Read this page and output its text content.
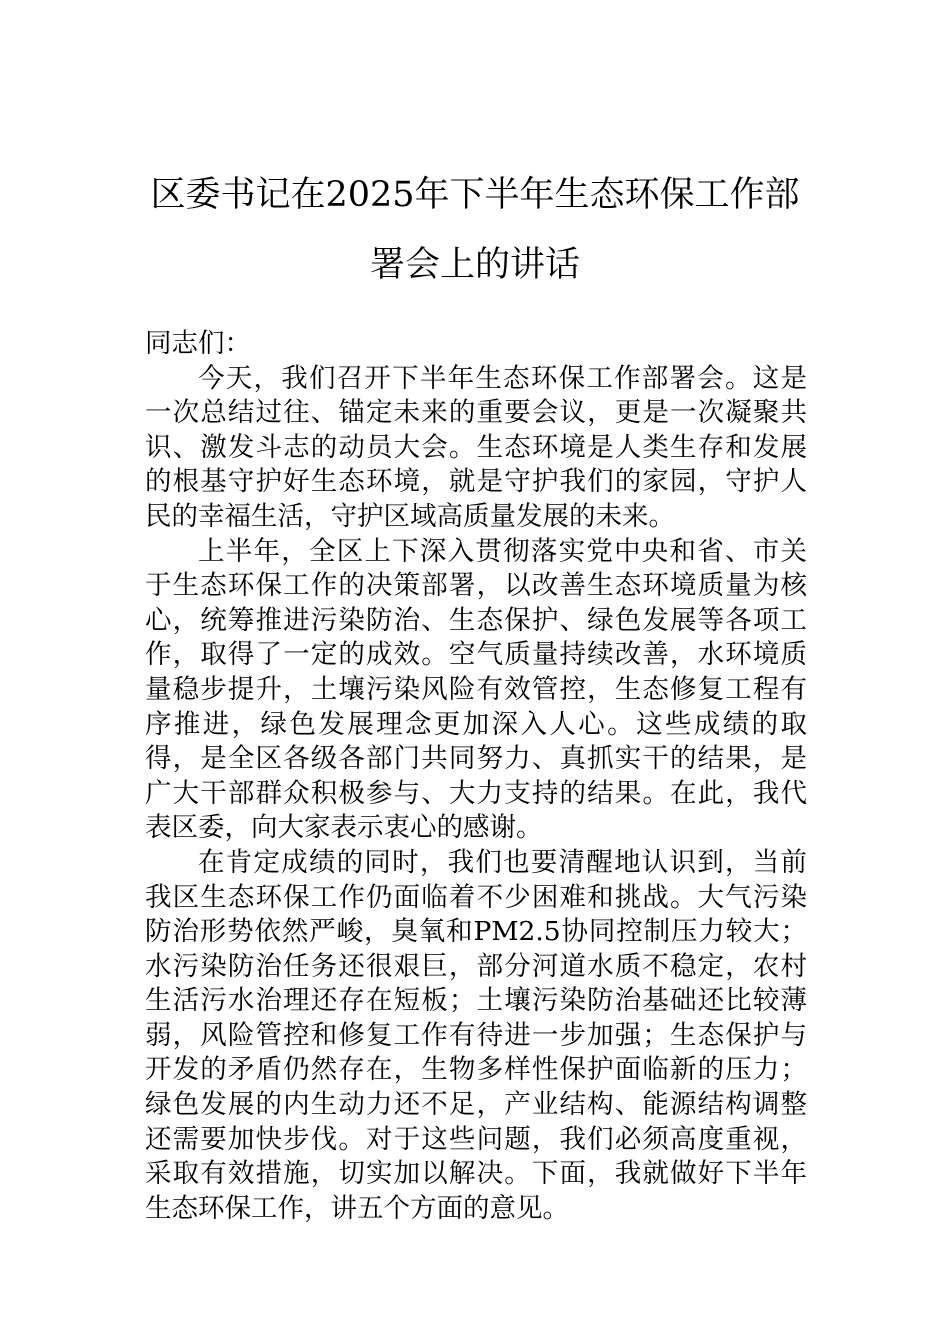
区委书记在2025年下半年生态环保工作部
署会上的讲话

同志们：

今天，我们召开下半年生态环保工作部署会。这是一次总结过往、锚定未来的重要会议，更是一次凝聚共识、激发斗志的动员大会。生态环境是人类生存和发展的根基守护好生态环境，就是守护我们的家园，守护人民的幸福生活，守护区域高质量发展的未来。

上半年，全区上下深入贯彻落实党中央和省、市关于生态环保工作的决策部署，以改善生态环境质量为核心，统筹推进污染防治、生态保护、绿色发展等各项工作，取得了一定的成效。空气质量持续改善，水环境质量稳步提升，土壤污染风险有效管控，生态修复工程有序推进，绿色发展理念更加深入人心。这些成绩的取得，是全区各级各部门共同努力、真抓实干的结果，是广大干部群众积极参与、大力支持的结果。在此，我代表区委，向大家表示衷心的感谢。

在肯定成绩的同时，我们也要清醒地认识到，当前我区生态环保工作仍面临着不少困难和挑战。大气污染防治形势依然严峻，臭氧和PM2.5协同控制压力较大；水污染防治任务还很艰巨，部分河道水质不稳定，农村生活污水治理还存在短板；土壤污染防治基础还比较薄弱，风险管控和修复工作有待进一步加强；生态保护与开发的矛盾仍然存在，生物多样性保护面临新的压力；绿色发展的内生动力还不足，产业结构、能源结构调整还需要加快步伐。对于这些问题，我们必须高度重视，采取有效措施，切实加以解决。下面，我就做好下半年生态环保工作，讲五个方面的意见。
